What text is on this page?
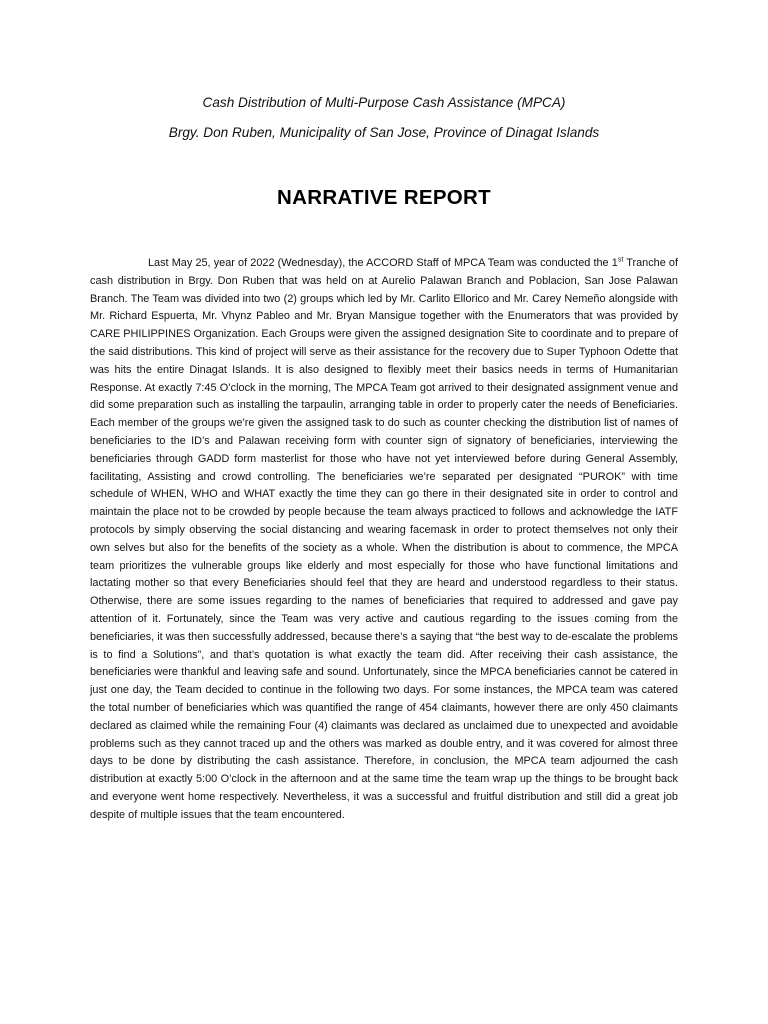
Cash Distribution of Multi-Purpose Cash Assistance (MPCA)
Brgy. Don Ruben, Municipality of San Jose, Province of Dinagat Islands
NARRATIVE REPORT
Last May 25, year of 2022 (Wednesday), the ACCORD Staff of MPCA Team was conducted the 1st Tranche of cash distribution in Brgy. Don Ruben that was held on at Aurelio Palawan Branch and Poblacion, San Jose Palawan Branch. The Team was divided into two (2) groups which led by Mr. Carlito Ellorico and Mr. Carey Nemeño alongside with Mr. Richard Espuerta, Mr. Vhynz Pableo and Mr. Bryan Mansigue together with the Enumerators that was provided by CARE PHILIPPINES Organization. Each Groups were given the assigned designation Site to coordinate and to prepare of the said distributions. This kind of project will serve as their assistance for the recovery due to Super Typhoon Odette that was hits the entire Dinagat Islands. It is also designed to flexibly meet their basics needs in terms of Humanitarian Response. At exactly 7:45 O’clock in the morning, The MPCA Team got arrived to their designated assignment venue and did some preparation such as installing the tarpaulin, arranging table in order to properly cater the needs of Beneficiaries. Each member of the groups we’re given the assigned task to do such as counter checking the distribution list of names of beneficiaries to the ID’s and Palawan receiving form with counter sign of signatory of beneficiaries, interviewing the beneficiaries through GADD form masterlist for those who have not yet interviewed before during General Assembly, facilitating, Assisting and crowd controlling. The beneficiaries we’re separated per designated “PUROK” with time schedule of WHEN, WHO and WHAT exactly the time they can go there in their designated site in order to control and maintain the place not to be crowded by people because the team always practiced to follows and acknowledge the IATF protocols by simply observing the social distancing and wearing facemask in order to protect themselves not only their own selves but also for the benefits of the society as a whole. When the distribution is about to commence, the MPCA team prioritizes the vulnerable groups like elderly and most especially for those who have functional limitations and lactating mother so that every Beneficiaries should feel that they are heard and understood regardless to their status. Otherwise, there are some issues regarding to the names of beneficiaries that required to addressed and gave pay attention of it. Fortunately, since the Team was very active and cautious regarding to the issues coming from the beneficiaries, it was then successfully addressed, because there’s a saying that “the best way to de-escalate the problems is to find a Solutions”, and that’s quotation is what exactly the team did. After receiving their cash assistance, the beneficiaries were thankful and leaving safe and sound. Unfortunately, since the MPCA beneficiaries cannot be catered in just one day, the Team decided to continue in the following two days. For some instances, the MPCA team was catered the total number of beneficiaries which was quantified the range of 454 claimants, however there are only 450 claimants declared as claimed while the remaining Four (4) claimants was declared as unclaimed due to unexpected and avoidable problems such as they cannot traced up and the others was marked as double entry, and it was covered for almost three days to be done by distributing the cash assistance. Therefore, in conclusion, the MPCA team adjourned the cash distribution at exactly 5:00 O’clock in the afternoon and at the same time the team wrap up the things to be brought back and everyone went home respectively. Nevertheless, it was a successful and fruitful distribution and still did a great job despite of multiple issues that the team encountered.
